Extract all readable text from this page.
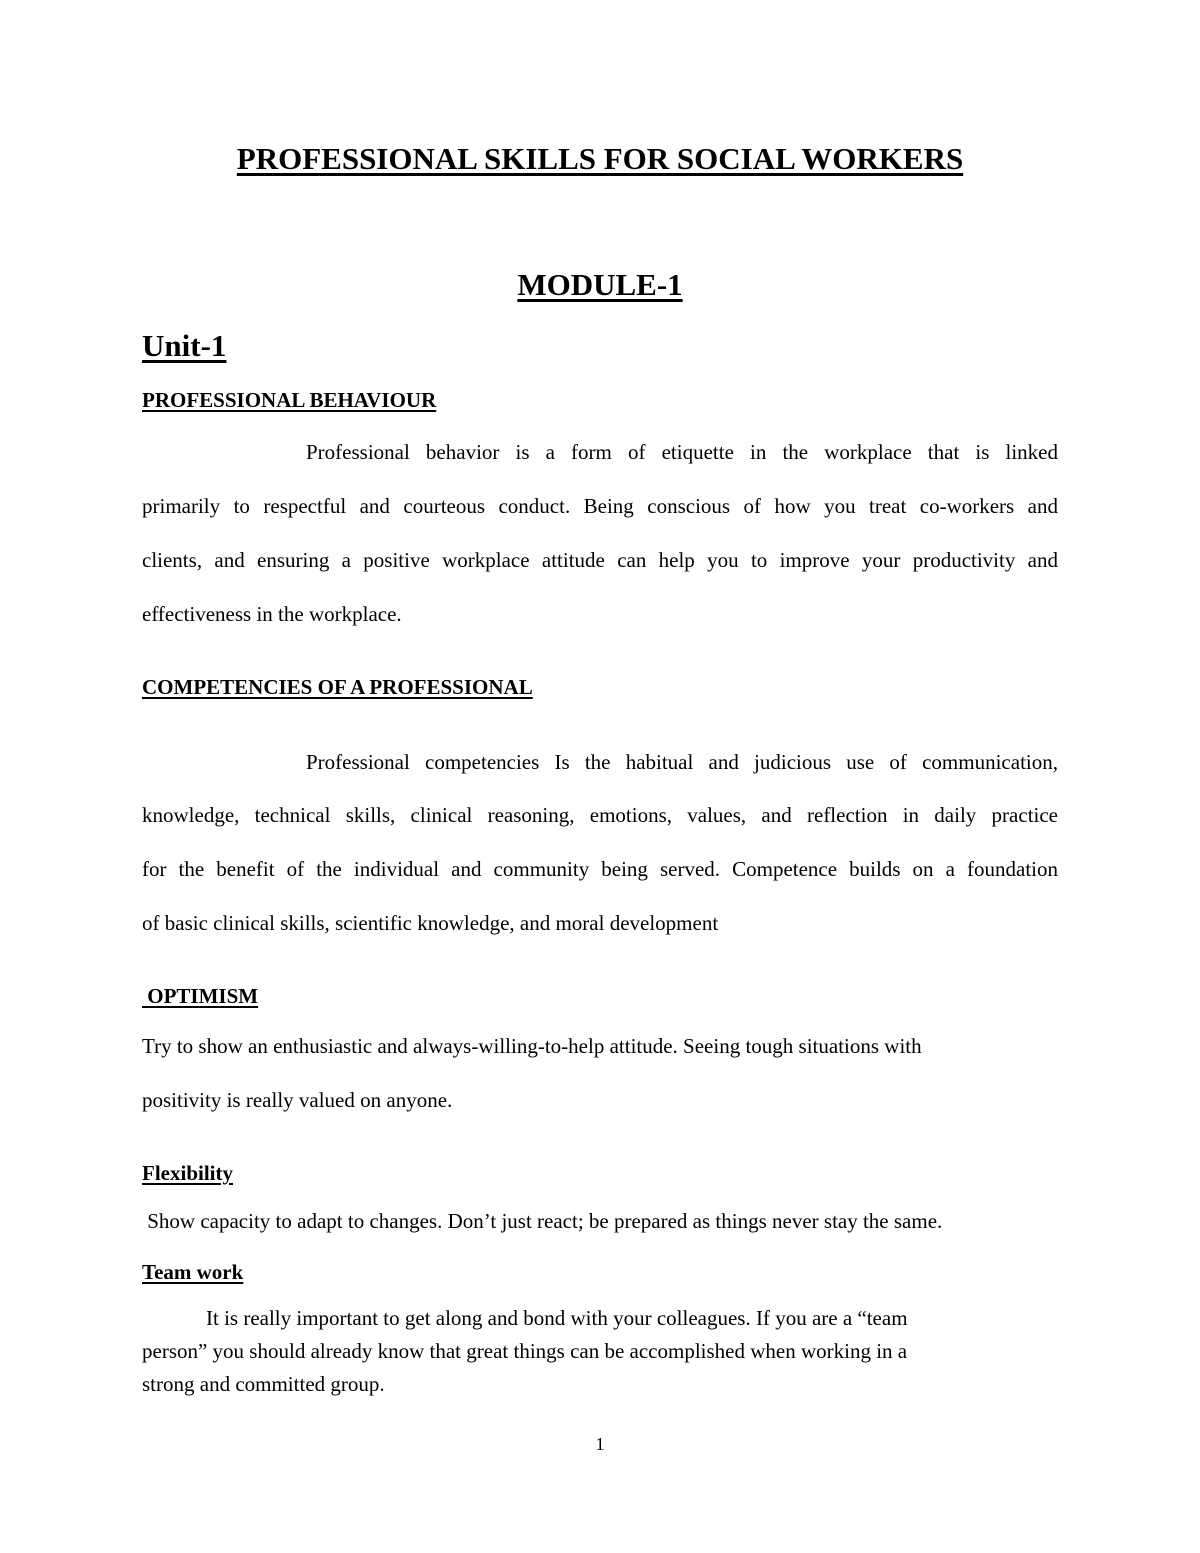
PROFESSIONAL SKILLS FOR SOCIAL WORKERS
MODULE-1
Unit-1
PROFESSIONAL BEHAVIOUR
Professional behavior is a form of etiquette in the workplace that is linked
primarily to respectful and courteous conduct. Being conscious of how you treat co-workers and
clients, and ensuring a positive workplace attitude can help you to improve your productivity and
effectiveness in the workplace.
COMPETENCIES OF A PROFESSIONAL
Professional competencies Is the habitual and judicious use of communication,
knowledge, technical skills, clinical reasoning, emotions, values, and reflection in daily practice
for the benefit of the individual and community being served. Competence builds on a foundation
of basic clinical skills, scientific knowledge, and moral development
OPTIMISM
Try to show an enthusiastic and always-willing-to-help attitude. Seeing tough situations with
positivity is really valued on anyone.
Flexibility
Show capacity to adapt to changes. Don’t just react; be prepared as things never stay the same.
Team work
It is really important to get along and bond with your colleagues. If you are a “team
person” you should already know that great things can be accomplished when working in a
strong and committed group.
1
